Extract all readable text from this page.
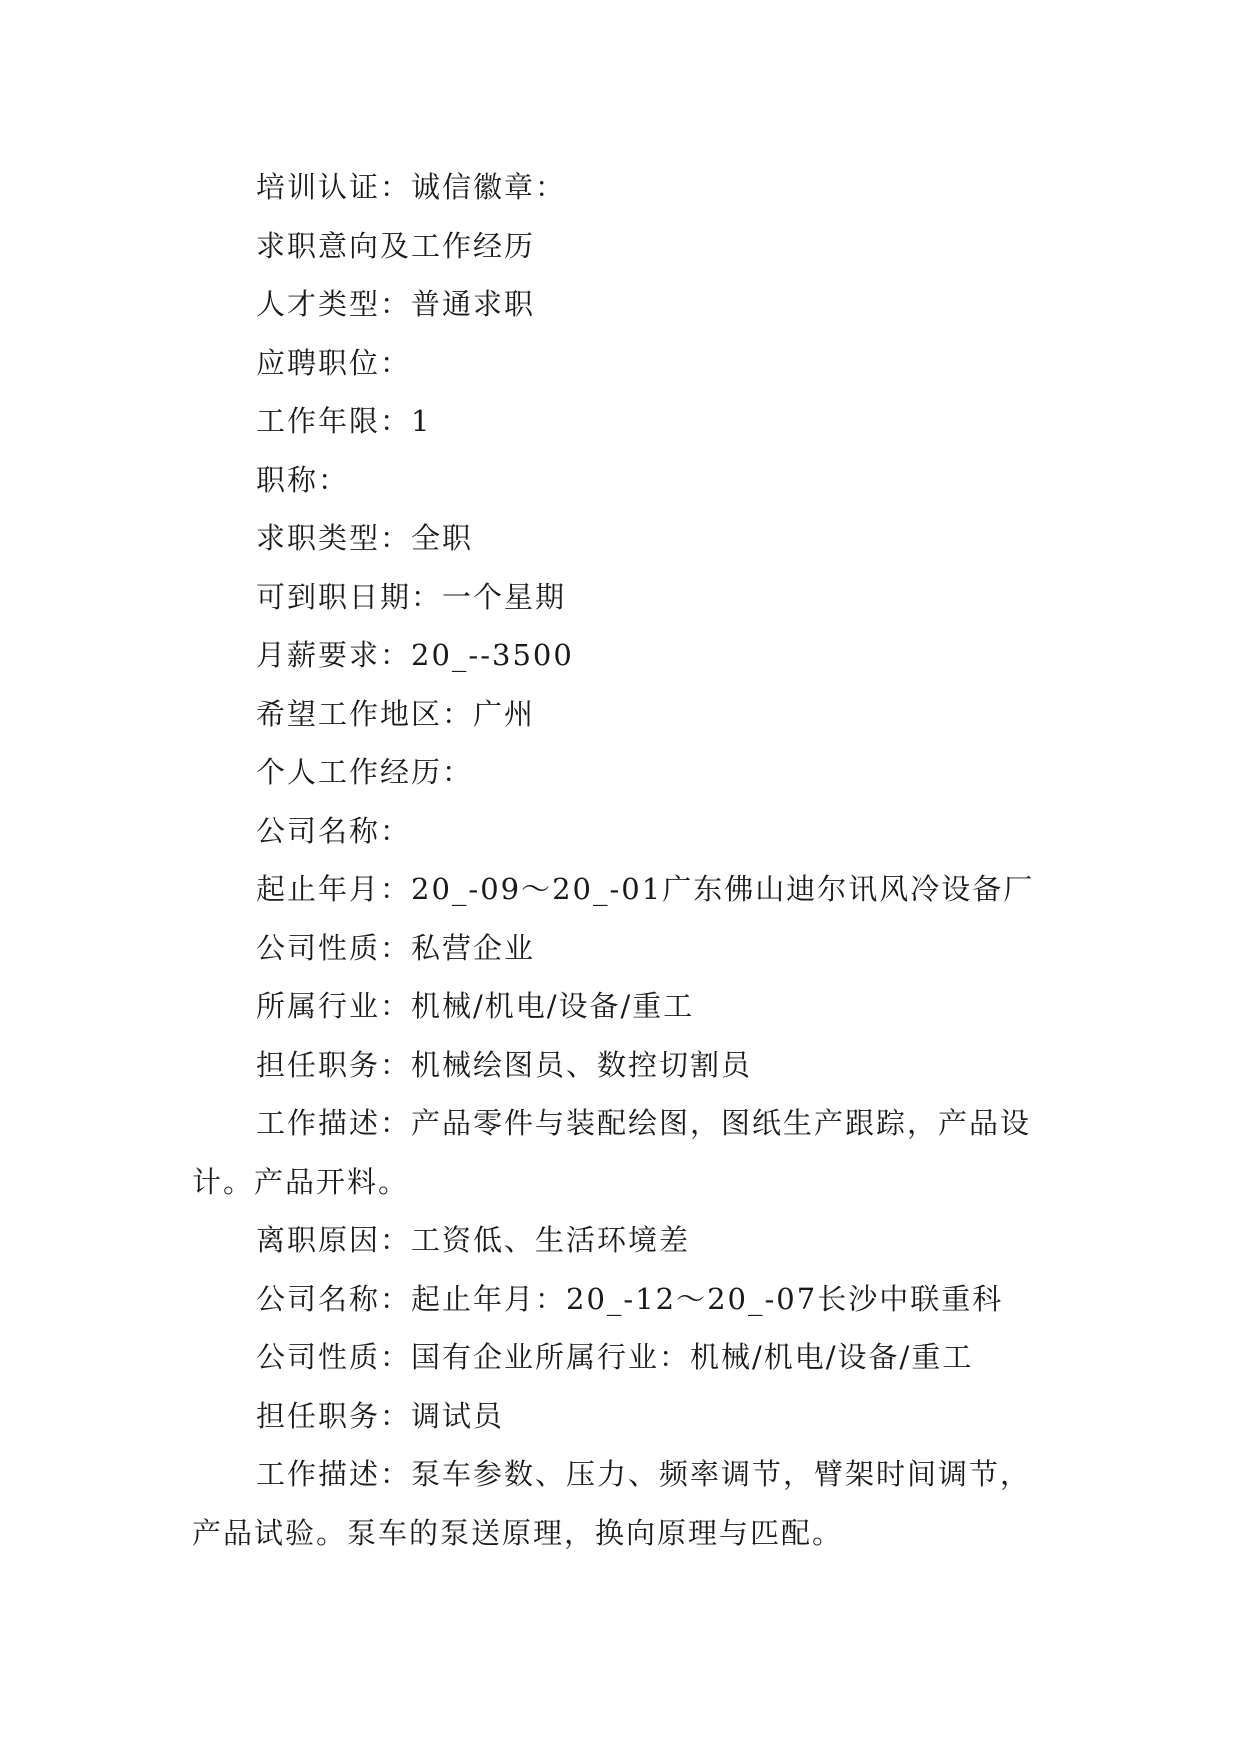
培训认证：诚信徽章：

求职意向及工作经历

人才类型：普通求职

应聘职位：

工作年限：1

职称：

求职类型：全职

可到职日期：一个星期

月薪要求：20_--3500

希望工作地区：广州

个人工作经历：

公司名称：

起止年月：20_-09～20_-01广东佛山迪尔讯风冷设备厂

公司性质：私营企业

所属行业：机械/机电/设备/重工

担任职务：机械绘图员、数控切割员

工作描述：产品零件与装配绘图，图纸生产跟踪，产品设计。产品开料。

离职原因：工资低、生活环境差

公司名称：起止年月：20_-12～20_-07长沙中联重科

公司性质：国有企业所属行业：机械/机电/设备/重工

担任职务：调试员

工作描述：泵车参数、压力、频率调节，臂架时间调节，产品试验。泵车的泵送原理，换向原理与匹配。
